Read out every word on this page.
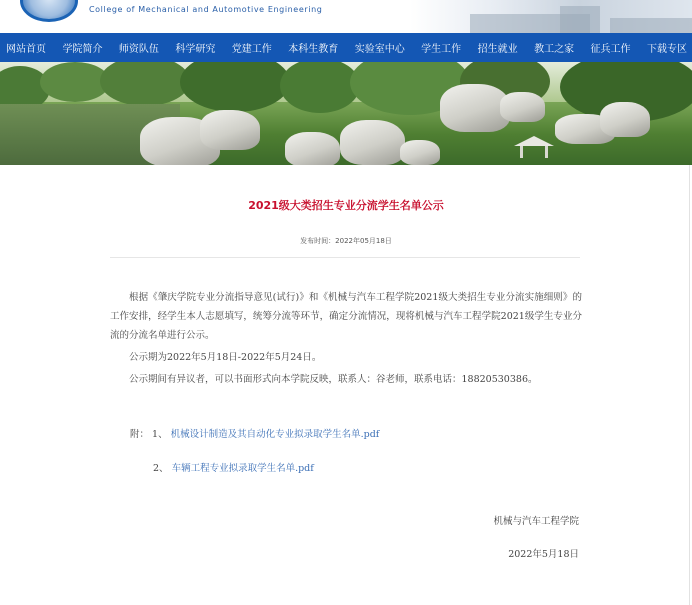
College of Mechanical and Automotive Engineering
网站首页 学院简介 师资队伍 科学研究 党建工作 本科生教育 实验室中心 学生工作 招生就业 教工之家 征兵工作 下载专区
2021级大类招生专业分流学生名单公示
发布时间：2022年05月18日

根据《肇庆学院专业分流指导意见(试行)》和《机械与汽车工程学院2021级大类招生专业分流实施细则》的工作安排，经学生本人志愿填写，统筹分流等环节，确定分流情况，现将机械与汽车工程学院2021级学生专业分流的分流名单进行公示。

公示期为2022年5月18日-2022年5月24日。

公示期间有异议者，可以书面形式向本学院反映，联系人：谷老师，联系电话：18820530386。

附： 1、 机械设计制造及其自动化专业拟录取学生名单.pdf
2、 车辆工程专业拟录取学生名单.pdf
机械与汽车工程学院
2022年5月18日
